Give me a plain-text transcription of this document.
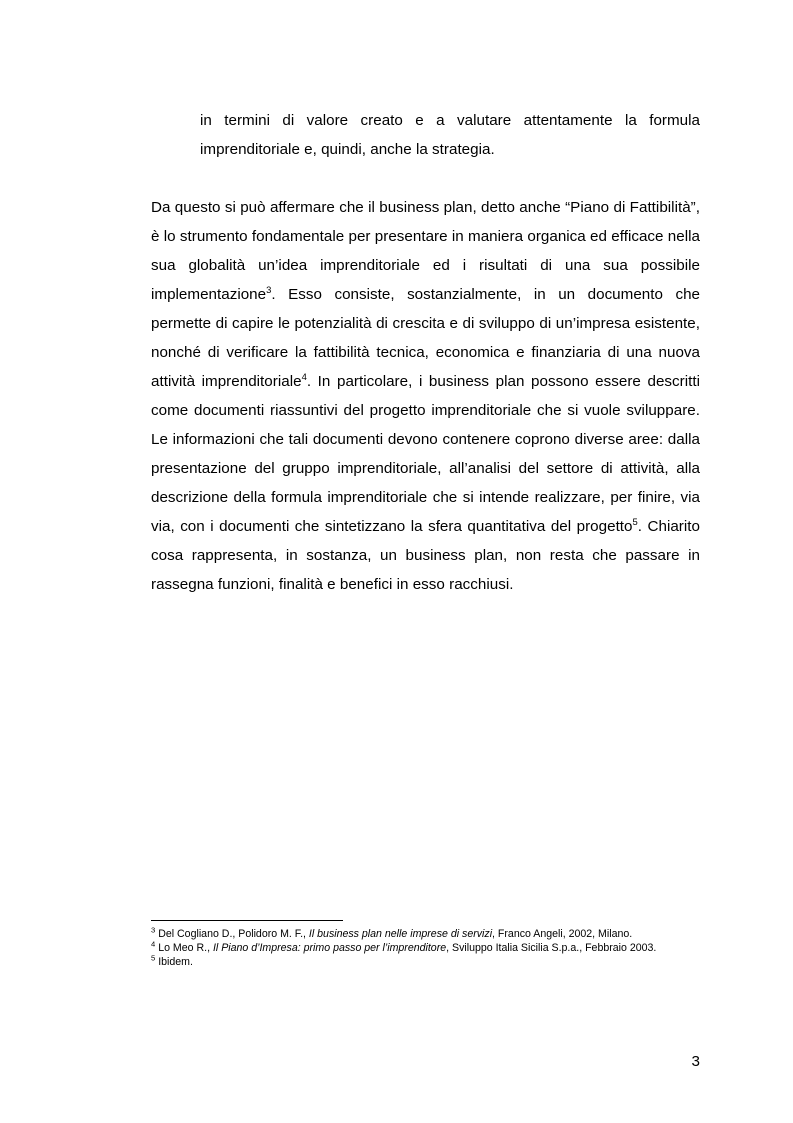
in termini di valore creato e a valutare attentamente la formula imprenditoriale e, quindi, anche la strategia.

Da questo si può affermare che il business plan, detto anche “Piano di Fattibilità”, è lo strumento fondamentale per presentare in maniera organica ed efficace nella sua globalità un’idea imprenditoriale ed i risultati di una sua possibile implementazione$^3$. Esso consiste, sostanzialmente, in un documento che permette di capire le potenzialità di crescita e di sviluppo di un’impresa esistente, nonché di verificare la fattibilità tecnica, economica e finanziaria di una nuova attività imprenditoriale$^4$. In particolare, i business plan possono essere descritti come documenti riassuntivi del progetto imprenditoriale che si vuole sviluppare. Le informazioni che tali documenti devono contenere coprono diverse aree: dalla presentazione del gruppo imprenditoriale, all’analisi del settore di attività, alla descrizione della formula imprenditoriale che si intende realizzare, per finire, via via, con i documenti che sintetizzano la sfera quantitativa del progetto$^5$. Chiarito cosa rappresenta, in sostanza, un business plan, non resta che passare in rassegna funzioni, finalità e benefici in esso racchiusi.

$^3$ Del Cogliano D., Polidoro M. F., Il business plan nelle imprese di servizi, Franco Angeli, 2002, Milano.

$^4$ Lo Meo R., Il Piano d’Impresa: primo passo per l’imprenditore, Sviluppo Italia Sicilia S.p.a., Febbraio 2003.

$^5$ Ibidem.

3
